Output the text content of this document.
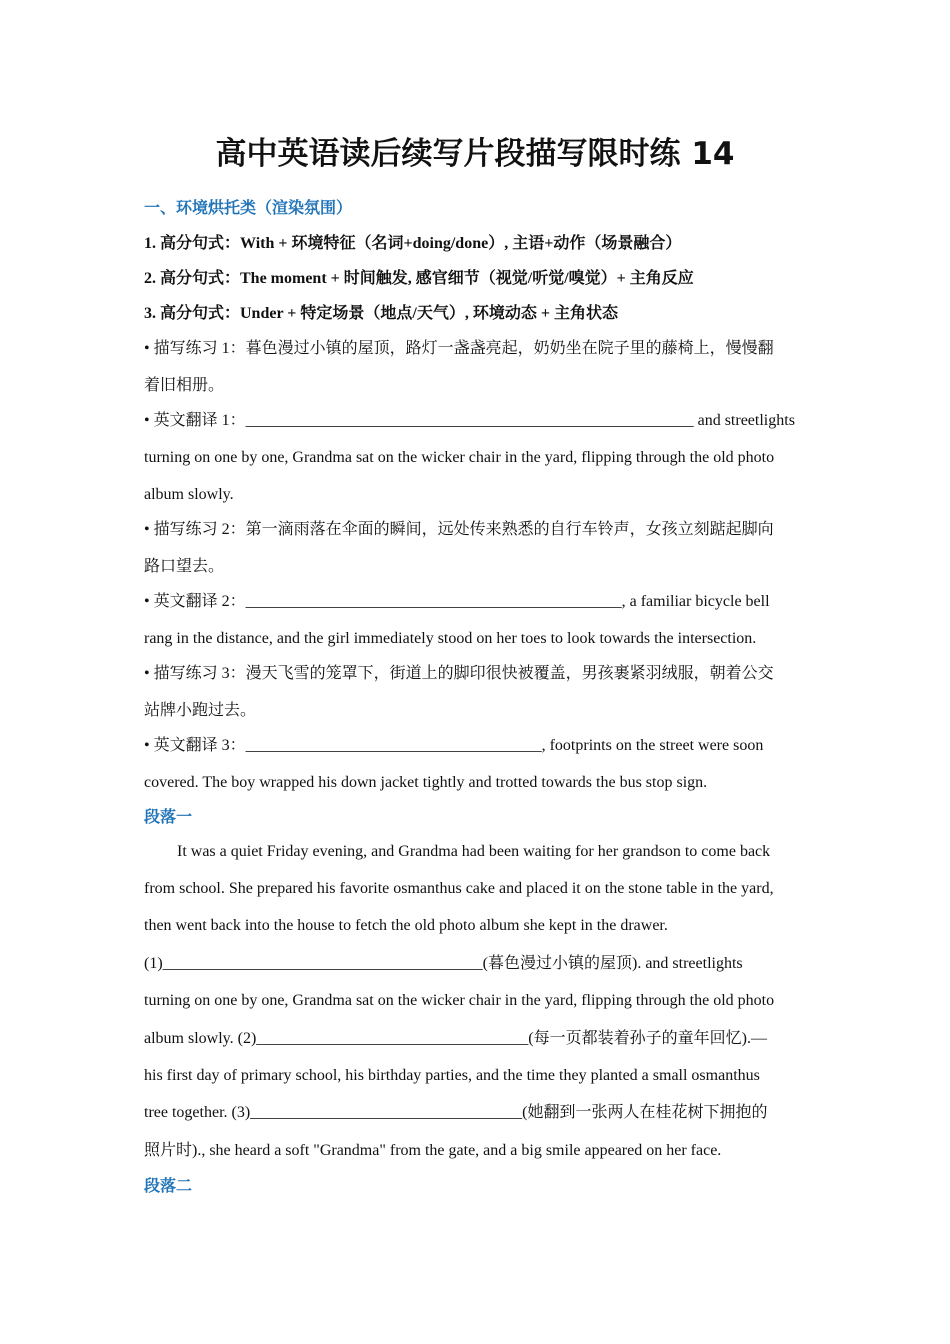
高中英语读后续写片段描写限时练 14
一、环境烘托类（渲染氛围）
1. 高分句式：With + 环境特征（名词+doing/done）, 主语+动作（场景融合）
2. 高分句式：The moment + 时间触发, 感官细节（视觉/听觉/嗅觉）+ 主角反应
3. 高分句式：Under + 特定场景（地点/天气）, 环境动态 + 主角状态
• 描写练习 1：暮色漫过小镇的屋顶，路灯一盏盏亮起，奶奶坐在院子里的藤椅上，慢慢翻
着旧相册。
• 英文翻译 1：________________________________________________________ and streetlights
turning on one by one, Grandma sat on the wicker chair in the yard, flipping through the old photo
album slowly.
• 描写练习 2：第一滴雨落在伞面的瞬间，远处传来熟悉的自行车铃声，女孩立刻踮起脚向
路口望去。
• 英文翻译 2：_______________________________________________, a familiar bicycle bell
rang in the distance, and the girl immediately stood on her toes to look towards the intersection.
• 描写练习 3：漫天飞雪的笼罩下，街道上的脚印很快被覆盖，男孩裹紧羽绒服，朝着公交
站牌小跑过去。
• 英文翻译 3：_____________________________________, footprints on the street were soon
covered. The boy wrapped his down jacket tightly and trotted towards the bus stop sign.
段落一
It was a quiet Friday evening, and Grandma had been waiting for her grandson to come back
from school. She prepared his favorite osmanthus cake and placed it on the stone table in the yard,
then went back into the house to fetch the old photo album she kept in the drawer.
(1)________________________________________(暮色漫过小镇的屋顶). and streetlights
turning on one by one, Grandma sat on the wicker chair in the yard, flipping through the old photo
album slowly. (2)__________________________________(每一页都装着孙子的童年回忆).—
his first day of primary school, his birthday parties, and the time they planted a small osmanthus
tree together. (3)__________________________________(她翻到一张两人在桂花树下拥抱的
照片时)., she heard a soft "Grandma" from the gate, and a big smile appeared on her face.
段落二
